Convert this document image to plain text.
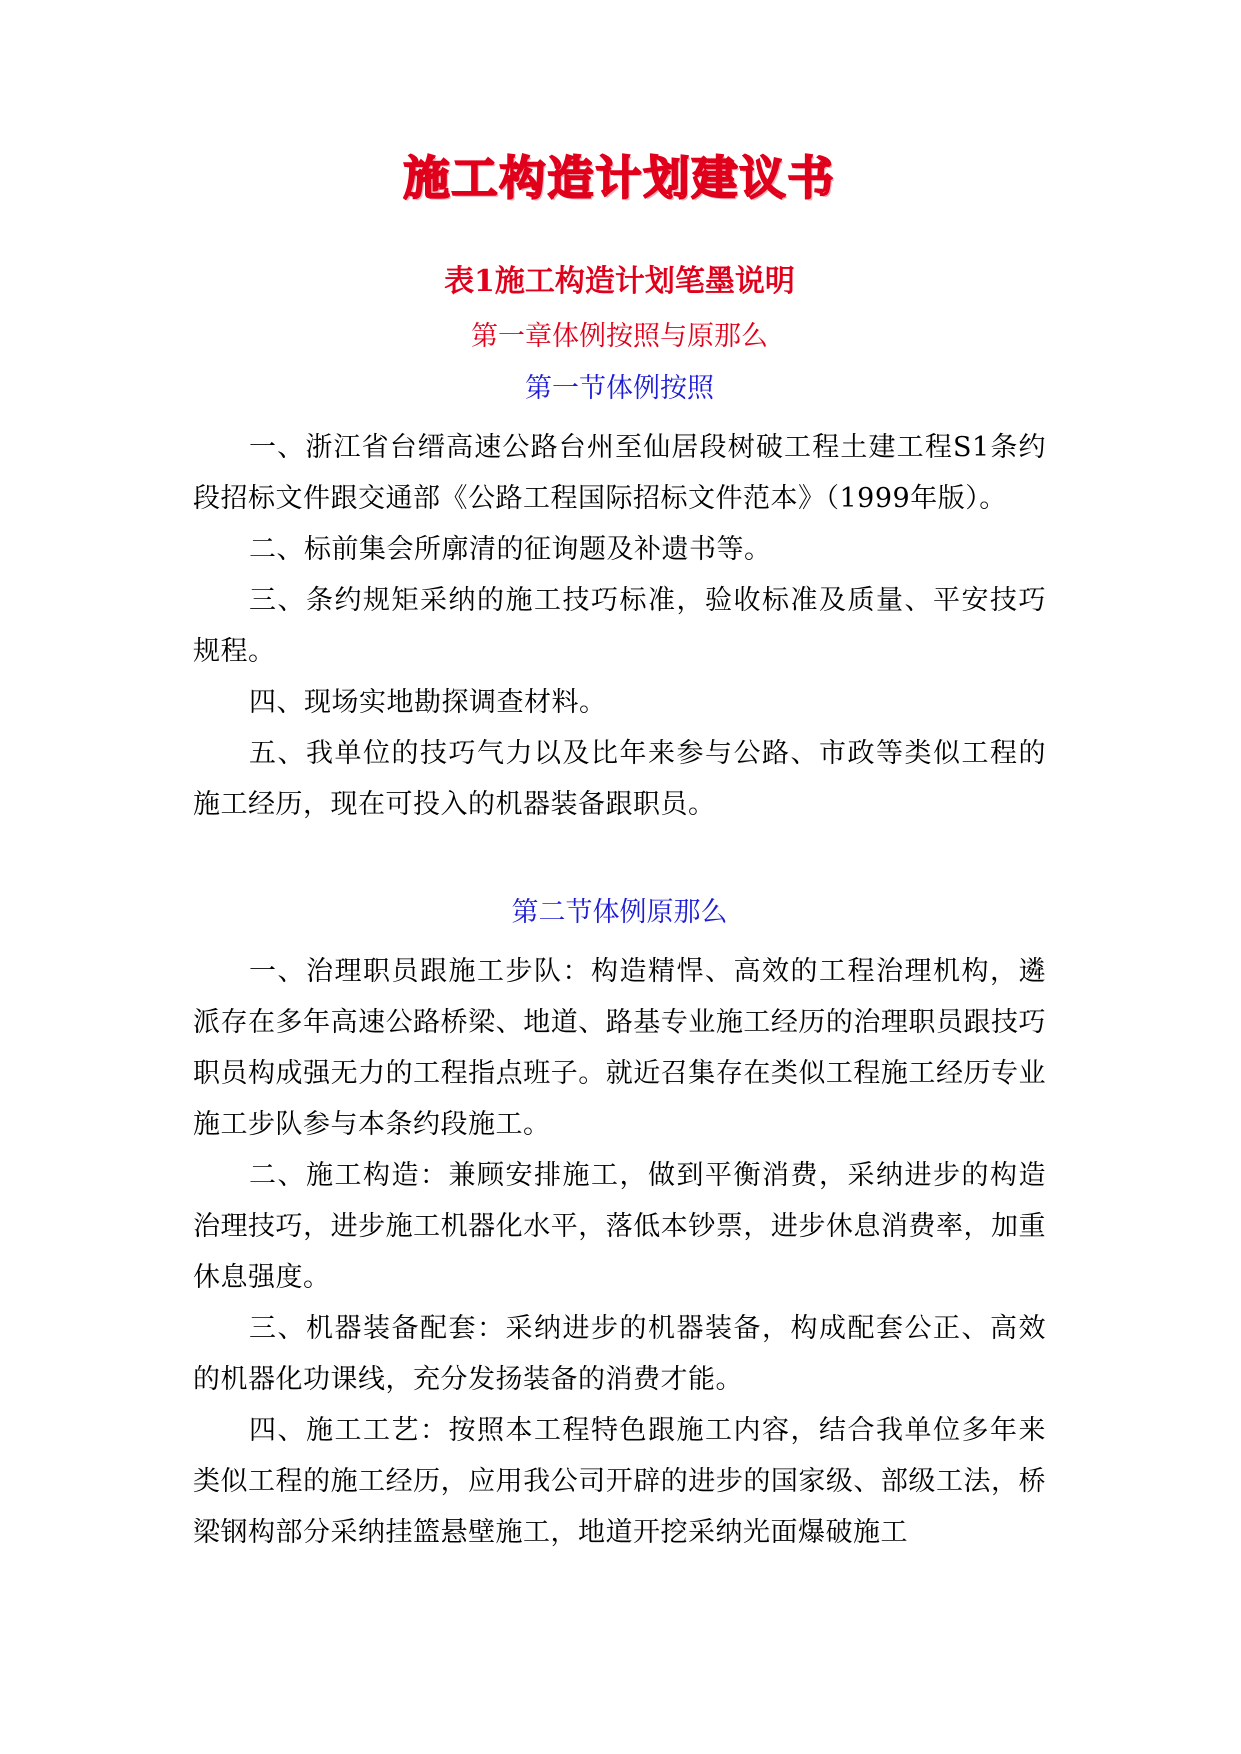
施工构造计划建议书
表1施工构造计划笔墨说明
第一章体例按照与原那么
第一节体例按照

一、浙江省台缙高速公路台州至仙居段树破工程土建工程S1条约段招标文件跟交通部《公路工程国际招标文件范本》（1999年版）。

二、标前集会所廓清的征询题及补遗书等。

三、条约规矩采纳的施工技巧标准，验收标准及质量、平安技巧规程。

四、现场实地勘探调查材料。

五、我单位的技巧气力以及比年来参与公路、市政等类似工程的施工经历，现在可投入的机器装备跟职员。

第二节体例原那么

一、治理职员跟施工步队：构造精悍、高效的工程治理机构，遴派存在多年高速公路桥梁、地道、路基专业施工经历的治理职员跟技巧职员构成强无力的工程指点班子。就近召集存在类似工程施工经历专业施工步队参与本条约段施工。

二、施工构造：兼顾安排施工，做到平衡消费，采纳进步的构造治理技巧，进步施工机器化水平，落低本钞票，进步休息消费率，加重休息强度。

三、机器装备配套：采纳进步的机器装备，构成配套公正、高效的机器化功课线，充分发扬装备的消费才能。

四、施工工艺：按照本工程特色跟施工内容，结合我单位多年来类似工程的施工经历，应用我公司开辟的进步的国家级、部级工法，桥梁钢构部分采纳挂篮悬壁施工，地道开挖采纳光面爆破施工
